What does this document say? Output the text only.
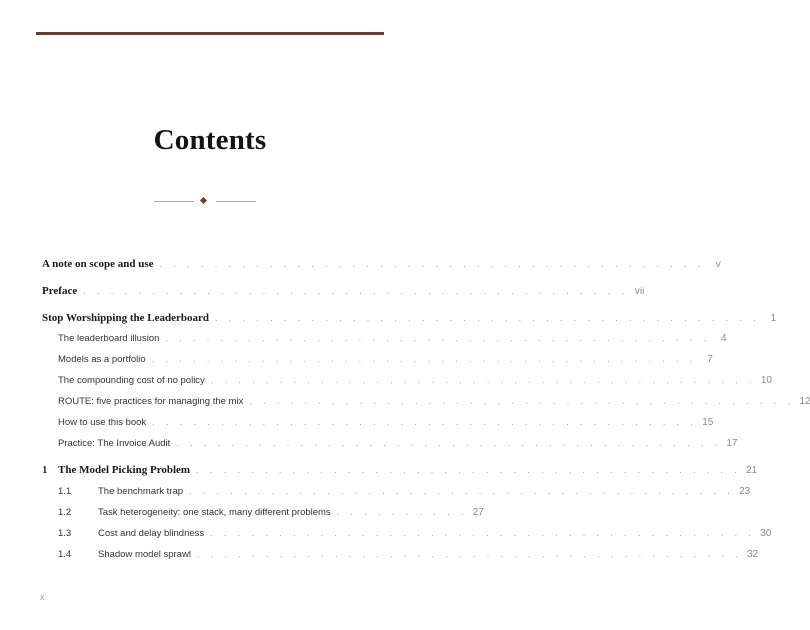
Contents
A note on scope and use . . . . . . . . . . . . . . . . . . . . . . . . . . . . . . . . . . . . . . . .	v
Preface . . . . . . . . . . . . . . . . . . . . . . . . . . . . . . . . . . . . . . . . vii
Stop Worshipping the Leaderboard . . . . . . . . . . . . . . . . . . . . . . . . . . . . . . . . . . . . . . . .	1
The leaderboard illusion . . . . . . . . . . . . . . . . . . . . . . . . . . . . . . . . . . . . . . . .	4
Models as a portfolio . . . . . . . . . . . . . . . . . . . . . . . . . . . . . . . . . . . . . . . .	7
The compounding cost of no policy . . . . . . . . . . . . . . . . . . . . . . . . . . . . . . . . . . . . . . . . 10
ROUTE: five practices for managing the mix . . . . . . . . . . . . . . . . . . . . . . . . . . . . . . . . . . . . . . . . 12
How to use this book . . . . . . . . . . . . . . . . . . . . . . . . . . . . . . . . . . . . . . . . 15
Practice: The Invoice Audit . . . . . . . . . . . . . . . . . . . . . . . . . . . . . . . . . . . . . . . . 17
1 The Model Picking Problem . . . . . . . . . . . . . . . . . . . . . . . . . . . . . . . . . . . . . . . . 21
1.1	The benchmark trap . . . . . . . . . . . . . . . . . . . . . . . . . . . . . . . . . . . . . . . . 23
1.2	Task heterogeneity: one stack, many different problems . . . . . . . . . . 27
1.3	Cost and delay blindness . . . . . . . . . . . . . . . . . . . . . . . . . . . . . . . . . . . . . . . . 30
1.4	Shadow model sprawl . . . . . . . . . . . . . . . . . . . . . . . . . . . . . . . . . . . . . . . . 32
x
